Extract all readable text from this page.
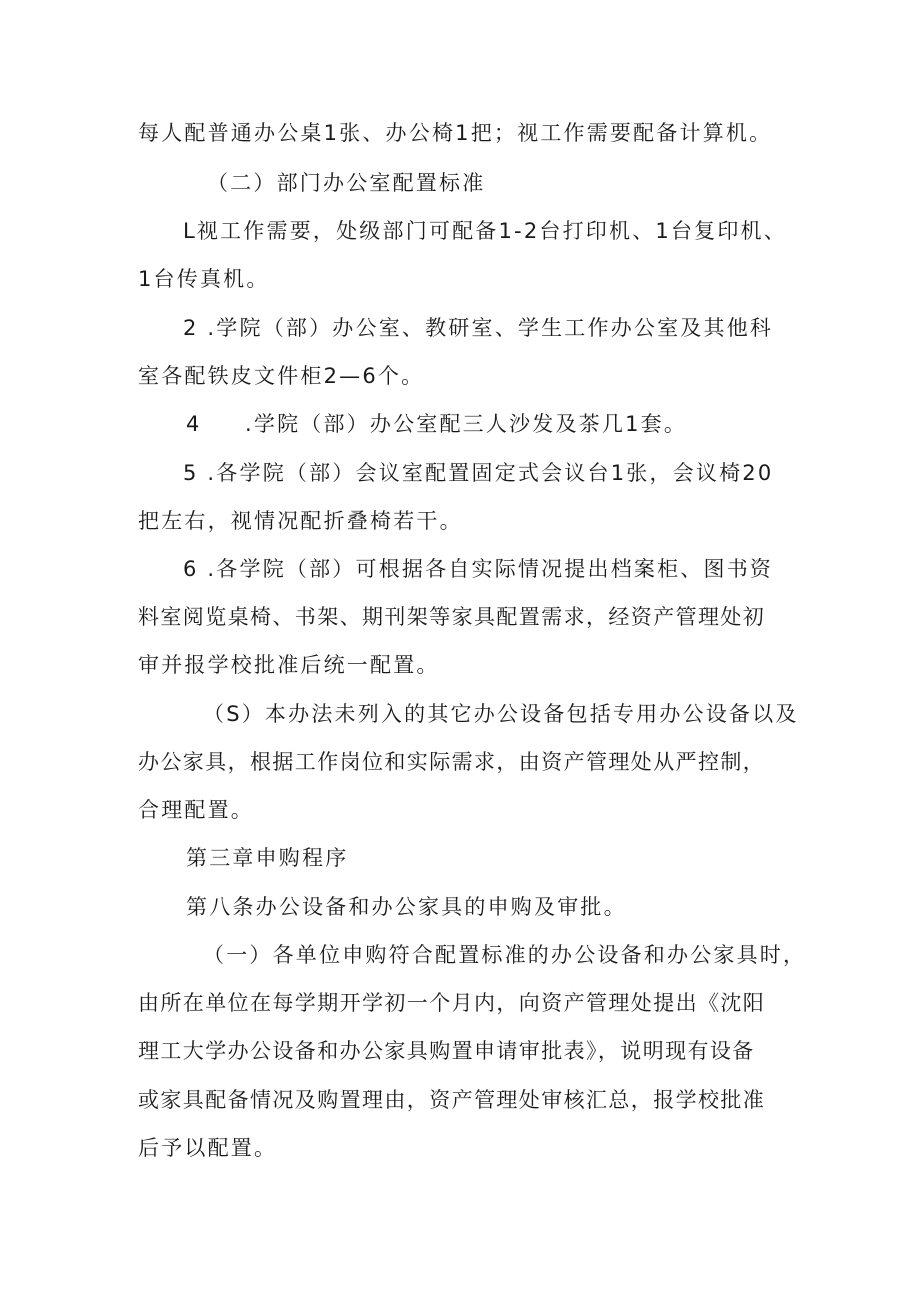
每人配普通办公桌1张、办公椅1把；视工作需要配备计算机。

（二）部门办公室配置标准

L视工作需要，处级部门可配备1-2台打印机、1台复印机、

1台传真机。

2 .学院（部）办公室、教研室、学生工作办公室及其他科

室各配铁皮文件柜2—6个。

4 .学院（部）办公室配三人沙发及茶几1套。

5 .各学院（部）会议室配置固定式会议台1张，会议椅20

把左右，视情况配折叠椅若干。

6 .各学院（部）可根据各自实际情况提出档案柜、图书资

料室阅览桌椅、书架、期刊架等家具配置需求，经资产管理处初

审并报学校批准后统一配置。

（S）本办法未列入的其它办公设备包括专用办公设备以及

办公家具，根据工作岗位和实际需求，由资产管理处从严控制，

合理配置。

第三章申购程序

第八条办公设备和办公家具的申购及审批。

（一）各单位申购符合配置标准的办公设备和办公家具时，

由所在单位在每学期开学初一个月内，向资产管理处提出《沈阳

理工大学办公设备和办公家具购置申请审批表》，说明现有设备

或家具配备情况及购置理由，资产管理处审核汇总，报学校批准

后予以配置。
